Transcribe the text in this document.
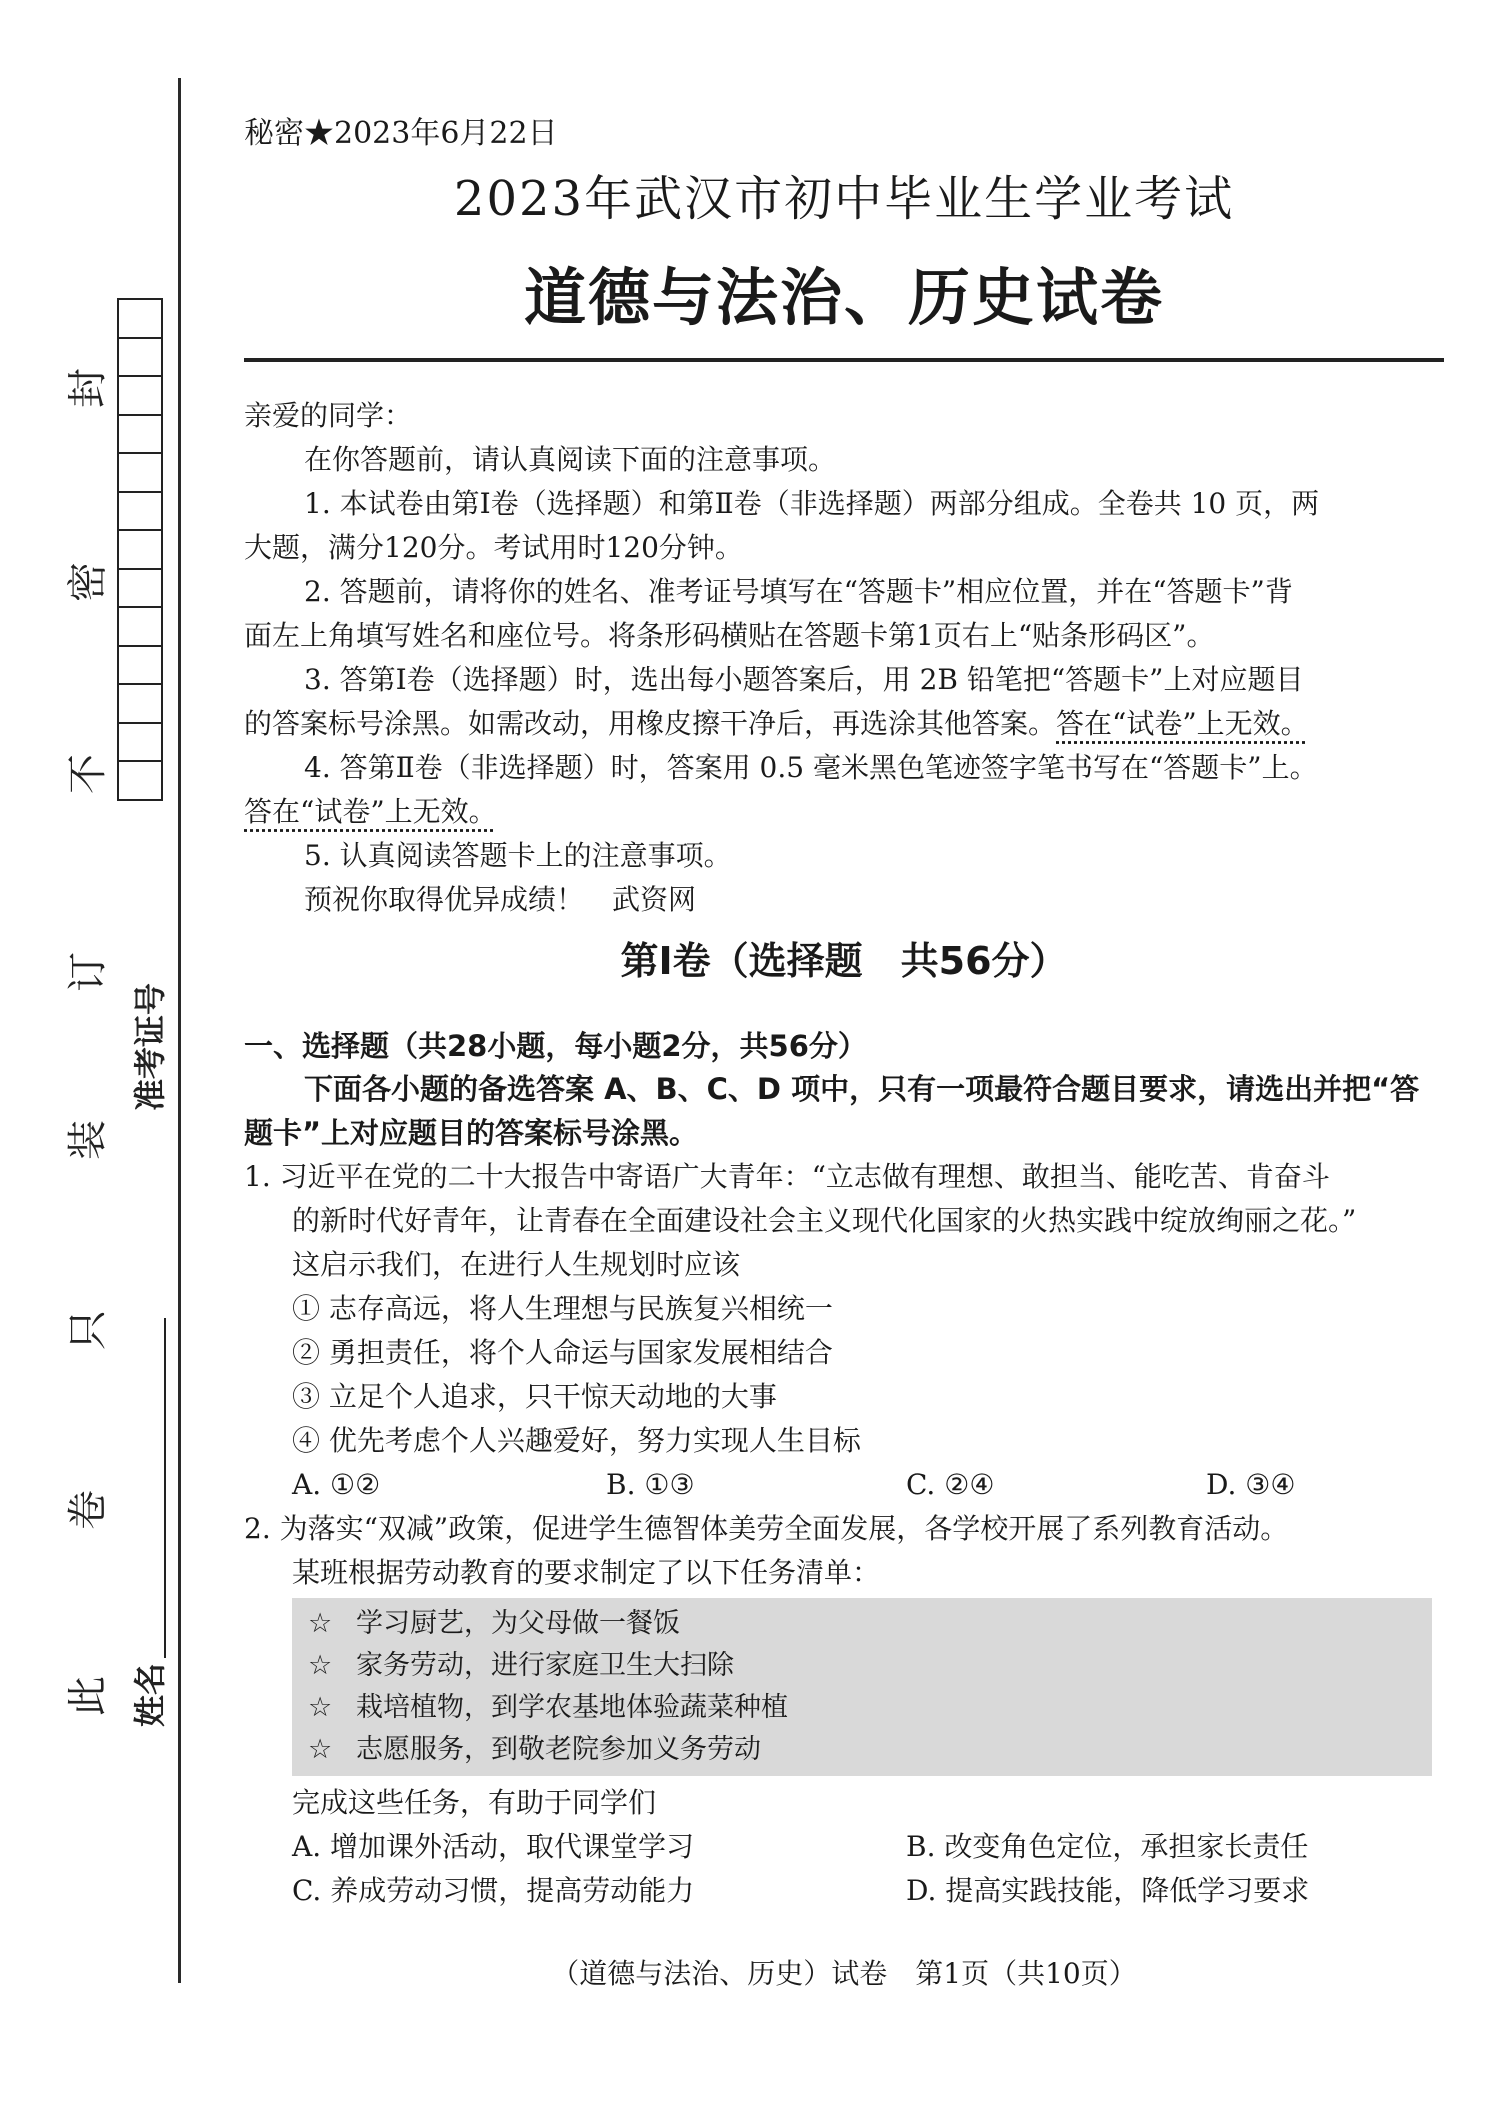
封
密
不
订
装
只
卷
此
准考证号
姓名
秘密★2023年6月22日
2023年武汉市初中毕业生学业考试
道德与法治、历史试卷
亲爱的同学：
在你答题前，请认真阅读下面的注意事项。
1. 本试卷由第Ⅰ卷（选择题）和第Ⅱ卷（非选择题）两部分组成。全卷共 10 页，两
大题，满分120分。考试用时120分钟。
2. 答题前，请将你的姓名、准考证号填写在“答题卡”相应位置，并在“答题卡”背
面左上角填写姓名和座位号。将条形码横贴在答题卡第1页右上“贴条形码区”。
3. 答第Ⅰ卷（选择题）时，选出每小题答案后，用 2B 铅笔把“答题卡”上对应题目
的答案标号涂黑。如需改动，用橡皮擦干净后，再选涂其他答案。答在“试卷”上无效。
4. 答第Ⅱ卷（非选择题）时，答案用 0.5 毫米黑色笔迹签字笔书写在“答题卡”上。
答在“试卷”上无效。
5. 认真阅读答题卡上的注意事项。
预祝你取得优异成绩！ 武资网
第Ⅰ卷（选择题　共56分）
一、选择题（共28小题，每小题2分，共56分）
下面各小题的备选答案 A、B、C、D 项中，只有一项最符合题目要求，请选出并把“答
题卡”上对应题目的答案标号涂黑。
1. 习近平在党的二十大报告中寄语广大青年：“立志做有理想、敢担当、能吃苦、肯奋斗
的新时代好青年，让青春在全面建设社会主义现代化国家的火热实践中绽放绚丽之花。”
这启示我们，在进行人生规划时应该
① 志存高远，将人生理想与民族复兴相统一
② 勇担责任，将个人命运与国家发展相结合
③ 立足个人追求，只干惊天动地的大事
④ 优先考虑个人兴趣爱好，努力实现人生目标
A. ①②	B. ①③	C. ②④	D. ③④
2. 为落实“双减”政策，促进学生德智体美劳全面发展，各学校开展了系列教育活动。
某班根据劳动教育的要求制定了以下任务清单：
☆ 学习厨艺，为父母做一餐饭
☆ 家务劳动，进行家庭卫生大扫除
☆ 栽培植物，到学农基地体验蔬菜种植
☆ 志愿服务，到敬老院参加义务劳动
完成这些任务，有助于同学们
A. 增加课外活动，取代课堂学习	B. 改变角色定位，承担家长责任
C. 养成劳动习惯，提高劳动能力	D. 提高实践技能，降低学习要求
（道德与法治、历史）试卷　第1页（共10页）
